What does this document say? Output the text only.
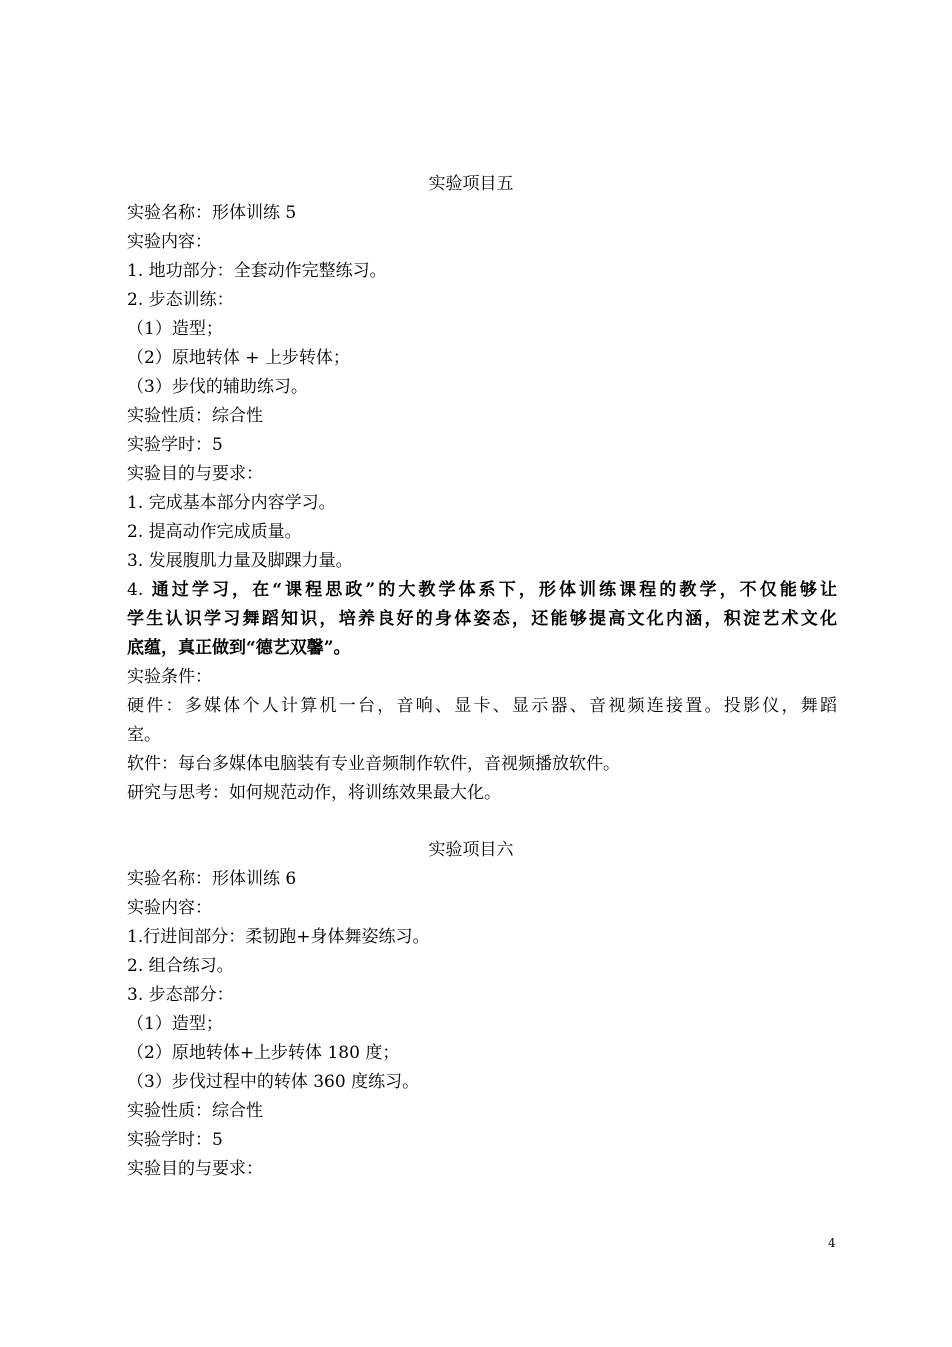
实验项目五
实验名称：形体训练 5
实验内容：
1. 地功部分：全套动作完整练习。
2. 步态训练：
（1）造型；
（2）原地转体 + 上步转体；
（3）步伐的辅助练习。
实验性质：综合性
实验学时：5
实验目的与要求：
1. 完成基本部分内容学习。
2. 提高动作完成质量。
3. 发展腹肌力量及脚踝力量。
4. 通过学习，在“课程思政”的大教学体系下，形体训练课程的教学，不仅能够让
学生认识学习舞蹈知识，培养良好的身体姿态，还能够提高文化内涵，积淀艺术文化
底蕴，真正做到“德艺双馨”。
实验条件：
硬件：多媒体个人计算机一台，音响、显卡、显示器、音视频连接置。投影仪，舞蹈
室。
软件：每台多媒体电脑装有专业音频制作软件，音视频播放软件。
研究与思考：如何规范动作，将训练效果最大化。
实验项目六
实验名称：形体训练 6
实验内容：
1.行进间部分：柔韧跑+身体舞姿练习。
2. 组合练习。
3. 步态部分：
（1）造型；
（2）原地转体+上步转体 180 度；
（3）步伐过程中的转体 360 度练习。
实验性质：综合性
实验学时：5
实验目的与要求：
4
